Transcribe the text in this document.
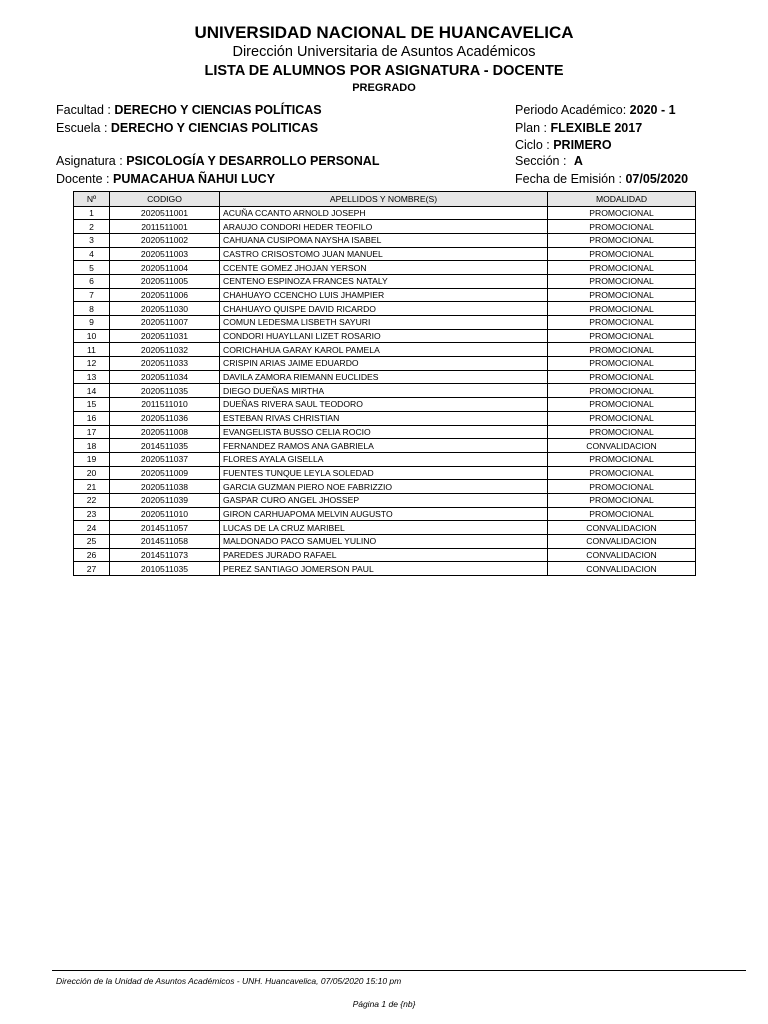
UNIVERSIDAD NACIONAL DE HUANCAVELICA
Dirección Universitaria de Asuntos Académicos
LISTA DE ALUMNOS POR ASIGNATURA - DOCENTE
PREGRADO
Facultad : DERECHO Y CIENCIAS POLÍTICAS
Escuela : DERECHO Y CIENCIAS POLITICAS
Asignatura : PSICOLOGÍA Y DESARROLLO PERSONAL
Docente : PUMACAHUA ÑAHUI LUCY
Periodo Académico: 2020 - 1
Plan : FLEXIBLE 2017
Ciclo : PRIMERO
Sección : A
Fecha de Emisión : 07/05/2020
Nº	CODIGO	APELLIDOS Y NOMBRE(S)	MODALIDAD
1	2020511001	ACUÑA CCANTO ARNOLD JOSEPH	PROMOCIONAL
2	2011511001	ARAUJO CONDORI HEDER TEOFILO	PROMOCIONAL
3	2020511002	CAHUANA CUSIPOMA NAYSHA ISABEL	PROMOCIONAL
4	2020511003	CASTRO CRISOSTOMO JUAN MANUEL	PROMOCIONAL
5	2020511004	CCENTE GOMEZ JHOJAN YERSON	PROMOCIONAL
6	2020511005	CENTENO ESPINOZA FRANCES NATALY	PROMOCIONAL
7	2020511006	CHAHUAYO CCENCHO LUIS JHAMPIER	PROMOCIONAL
8	2020511030	CHAHUAYO QUISPE DAVID RICARDO	PROMOCIONAL
9	2020511007	COMUN LEDESMA LISBETH SAYURI	PROMOCIONAL
10	2020511031	CONDORI HUAYLLANI LIZET ROSARIO	PROMOCIONAL
11	2020511032	CORICHAHUA GARAY KAROL PAMELA	PROMOCIONAL
12	2020511033	CRISPIN ARIAS JAIME EDUARDO	PROMOCIONAL
13	2020511034	DAVILA ZAMORA RIEMANN EUCLIDES	PROMOCIONAL
14	2020511035	DIEGO DUEÑAS MIRTHA	PROMOCIONAL
15	2011511010	DUEÑAS RIVERA SAUL TEODORO	PROMOCIONAL
16	2020511036	ESTEBAN RIVAS CHRISTIAN	PROMOCIONAL
17	2020511008	EVANGELISTA BUSSO CELIA ROCIO	PROMOCIONAL
18	2014511035	FERNANDEZ RAMOS ANA GABRIELA	CONVALIDACION
19	2020511037	FLORES AYALA GISELLA	PROMOCIONAL
20	2020511009	FUENTES TUNQUE LEYLA SOLEDAD	PROMOCIONAL
21	2020511038	GARCIA GUZMAN PIERO NOE FABRIZZIO	PROMOCIONAL
22	2020511039	GASPAR CURO ANGEL JHOSSEP	PROMOCIONAL
23	2020511010	GIRON CARHUAPOMA MELVIN AUGUSTO	PROMOCIONAL
24	2014511057	LUCAS DE LA CRUZ MARIBEL	CONVALIDACION
25	2014511058	MALDONADO PACO SAMUEL YULINO	CONVALIDACION
26	2014511073	PAREDES JURADO RAFAEL	CONVALIDACION
27	2010511035	PEREZ SANTIAGO JOMERSON PAUL	CONVALIDACION
Dirección de la Unidad de Asuntos Académicos - UNH. Huancavelica, 07/05/2020 15:10 pm
Página 1 de {nb}
